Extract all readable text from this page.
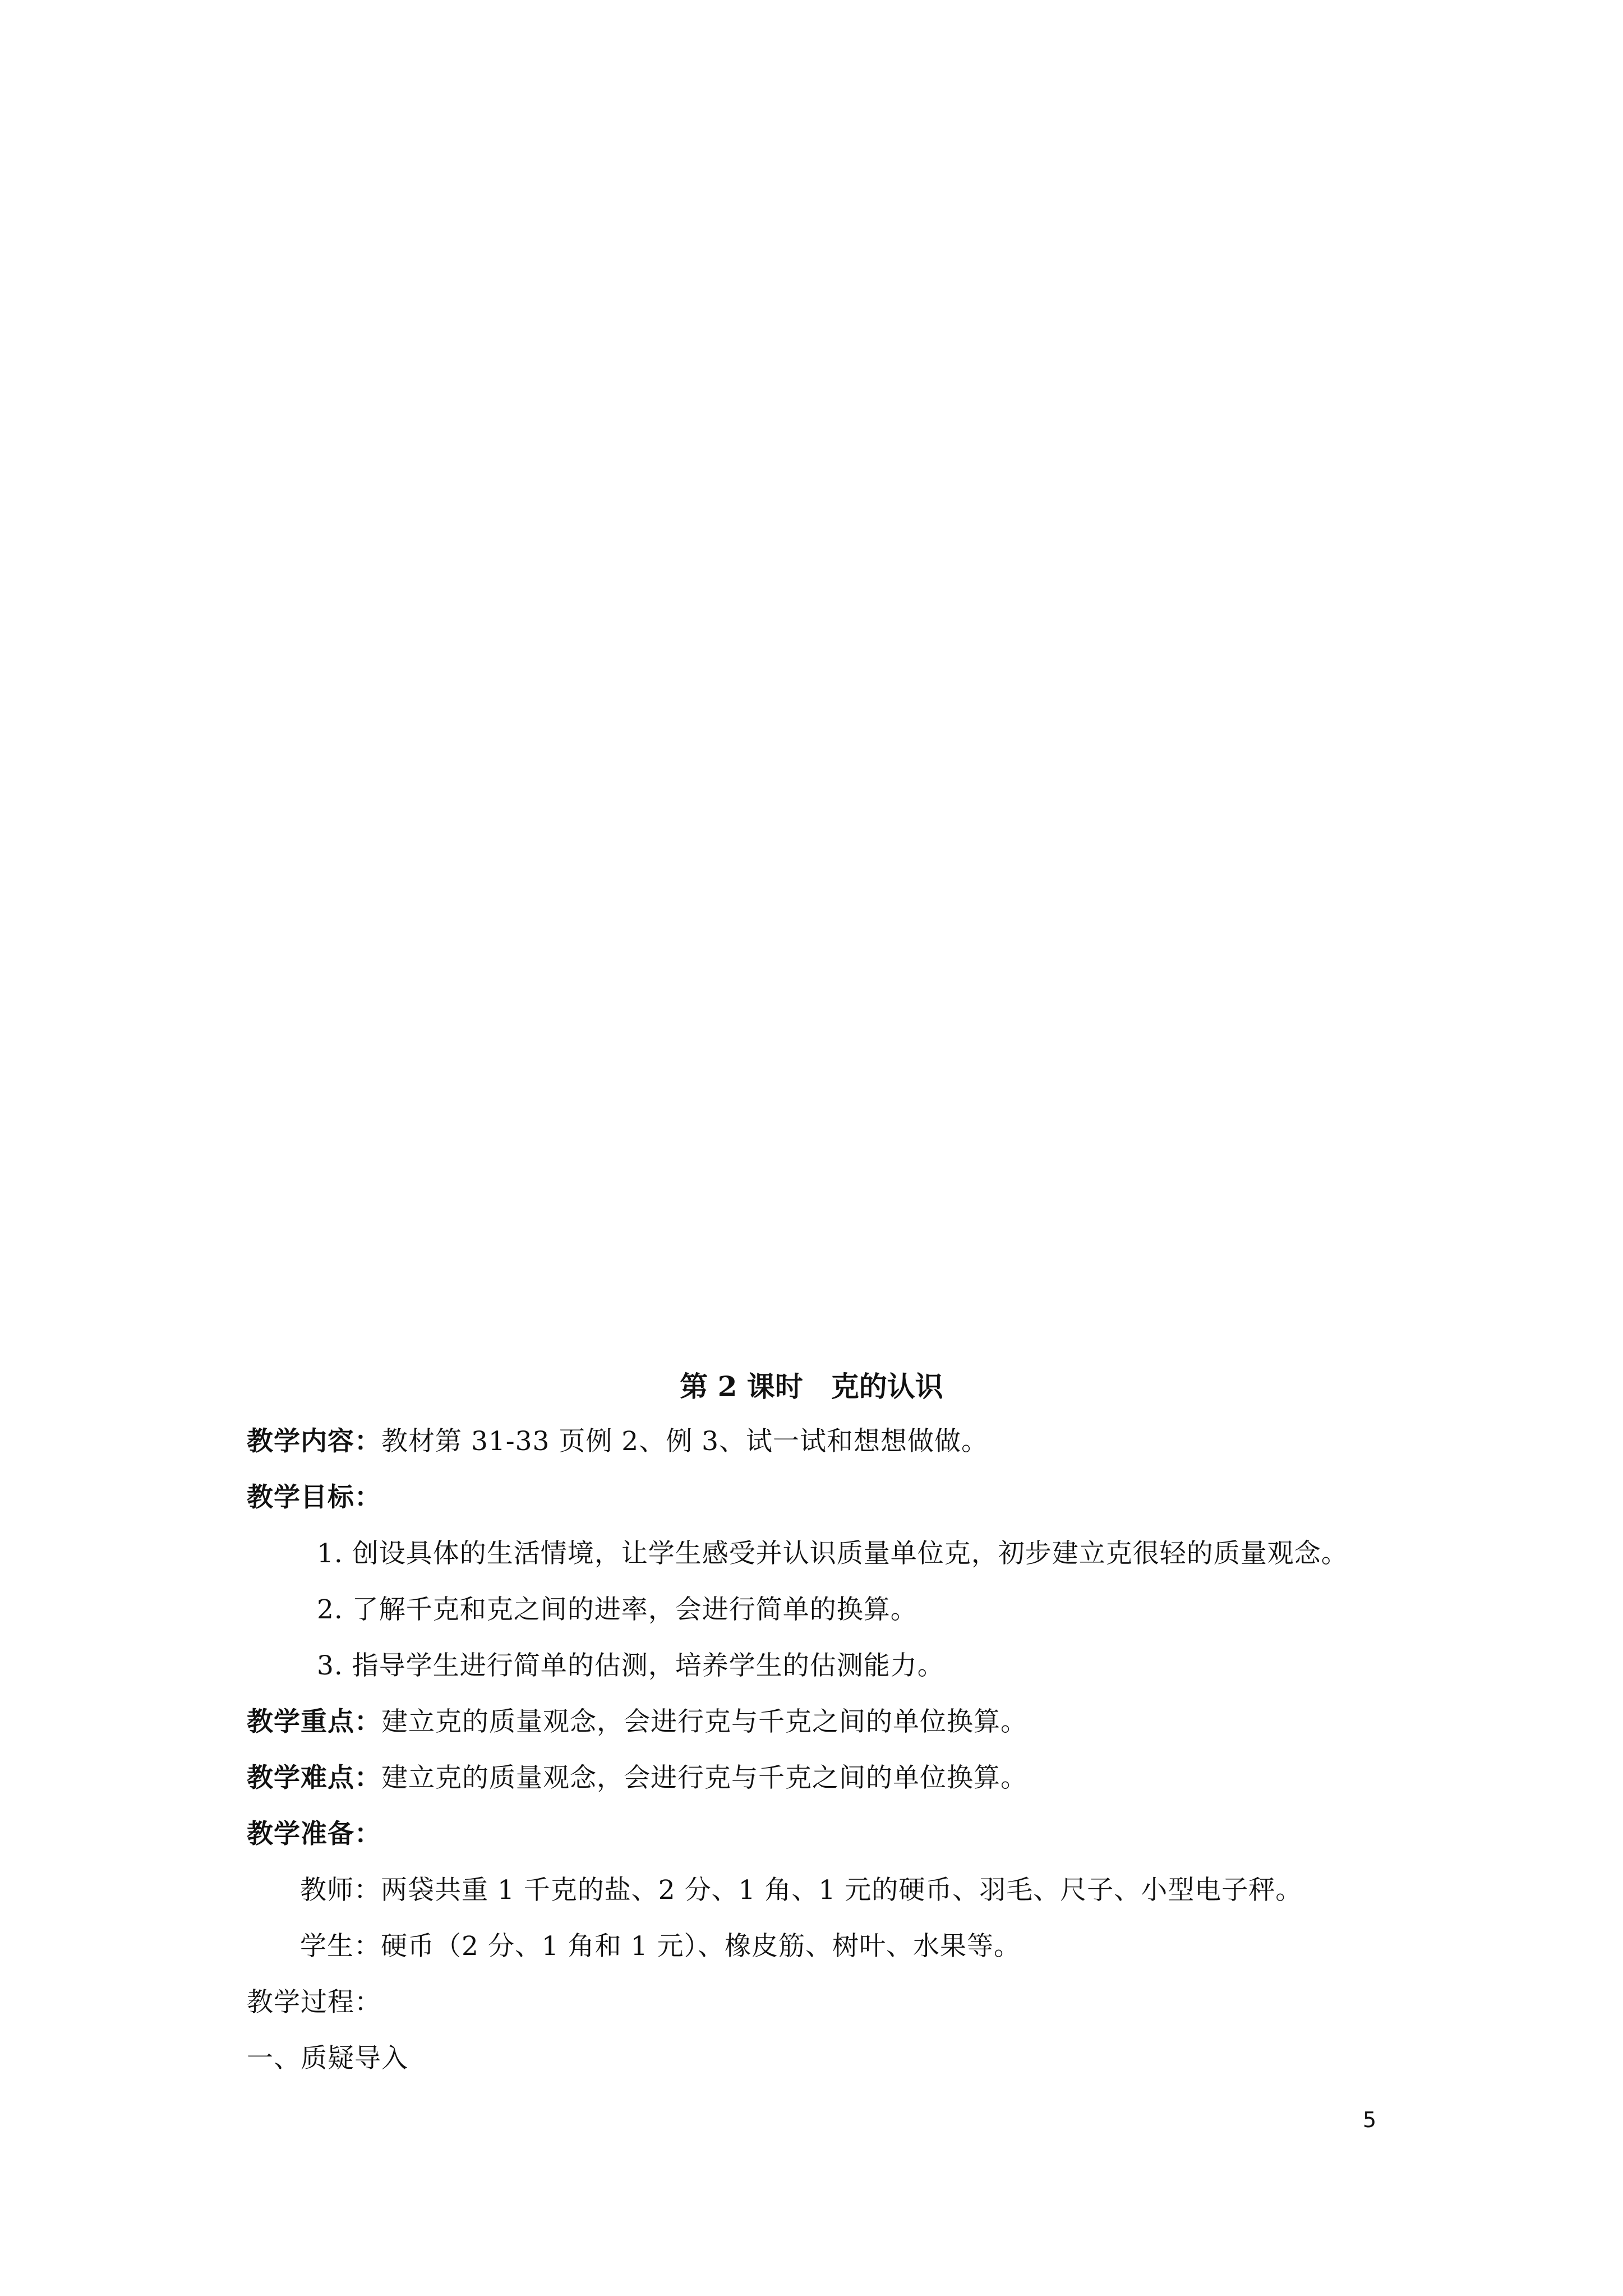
第 2 课时 克的认识
教学内容：教材第 31-33 页例 2、例 3、试一试和想想做做。
教学目标：
1. 创设具体的生活情境，让学生感受并认识质量单位克，初步建立克很轻的质量观念。
2. 了解千克和克之间的进率，会进行简单的换算。
3. 指导学生进行简单的估测，培养学生的估测能力。
教学重点：建立克的质量观念，会进行克与千克之间的单位换算。
教学难点：建立克的质量观念，会进行克与千克之间的单位换算。
教学准备：
教师：两袋共重 1 千克的盐、2 分、1 角、1 元的硬币、羽毛、尺子、小型电子秤。
学生：硬币（2 分、1 角和 1 元）、橡皮筋、树叶、水果等。
教学过程：
一、质疑导入
5
